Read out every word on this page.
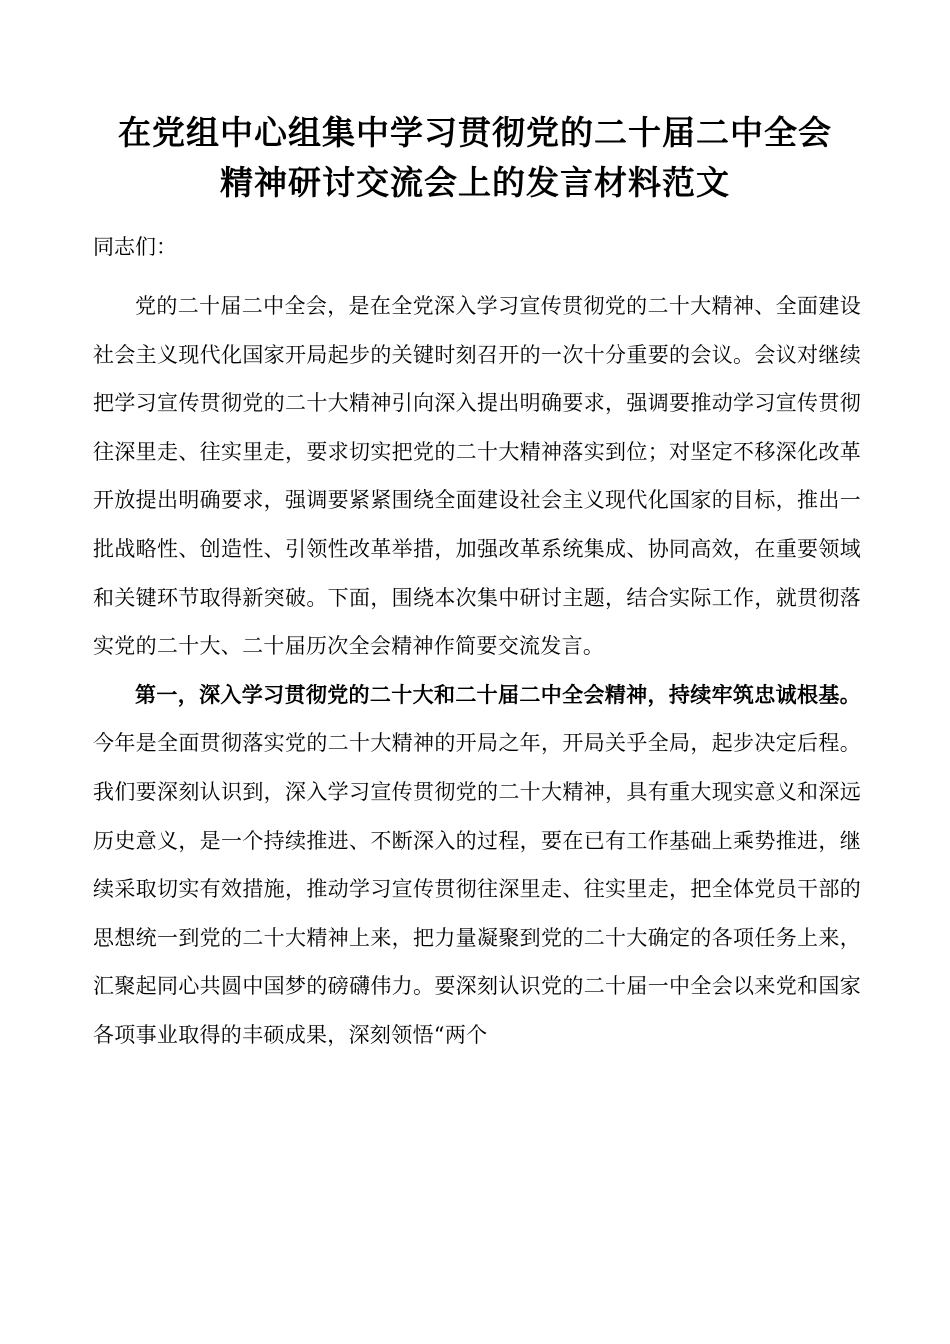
在党组中心组集中学习贯彻党的二十届二中全会
精神研讨交流会上的发言材料范文
同志们：

党的二十届二中全会，是在全党深入学习宣传贯彻党的二十大精神、全面建设社会主义现代化国家开局起步的关键时刻召开的一次十分重要的会议。会议对继续把学习宣传贯彻党的二十大精神引向深入提出明确要求，强调要推动学习宣传贯彻往深里走、往实里走，要求切实把党的二十大精神落实到位；对坚定不移深化改革开放提出明确要求，强调要紧紧围绕全面建设社会主义现代化国家的目标，推出一批战略性、创造性、引领性改革举措，加强改革系统集成、协同高效，在重要领域和关键环节取得新突破。下面，围绕本次集中研讨主题，结合实际工作，就贯彻落实党的二十大、二十届历次全会精神作简要交流发言。

第一，深入学习贯彻党的二十大和二十届二中全会精神，持续牢筑忠诚根基。今年是全面贯彻落实党的二十大精神的开局之年，开局关乎全局，起步决定后程。我们要深刻认识到，深入学习宣传贯彻党的二十大精神，具有重大现实意义和深远历史意义，是一个持续推进、不断深入的过程，要在已有工作基础上乘势推进，继续采取切实有效措施，推动学习宣传贯彻往深里走、往实里走，把全体党员干部的思想统一到党的二十大精神上来，把力量凝聚到党的二十大确定的各项任务上来，汇聚起同心共圆中国梦的磅礴伟力。要深刻认识党的二十届一中全会以来党和国家各项事业取得的丰硕成果，深刻领悟“两个
